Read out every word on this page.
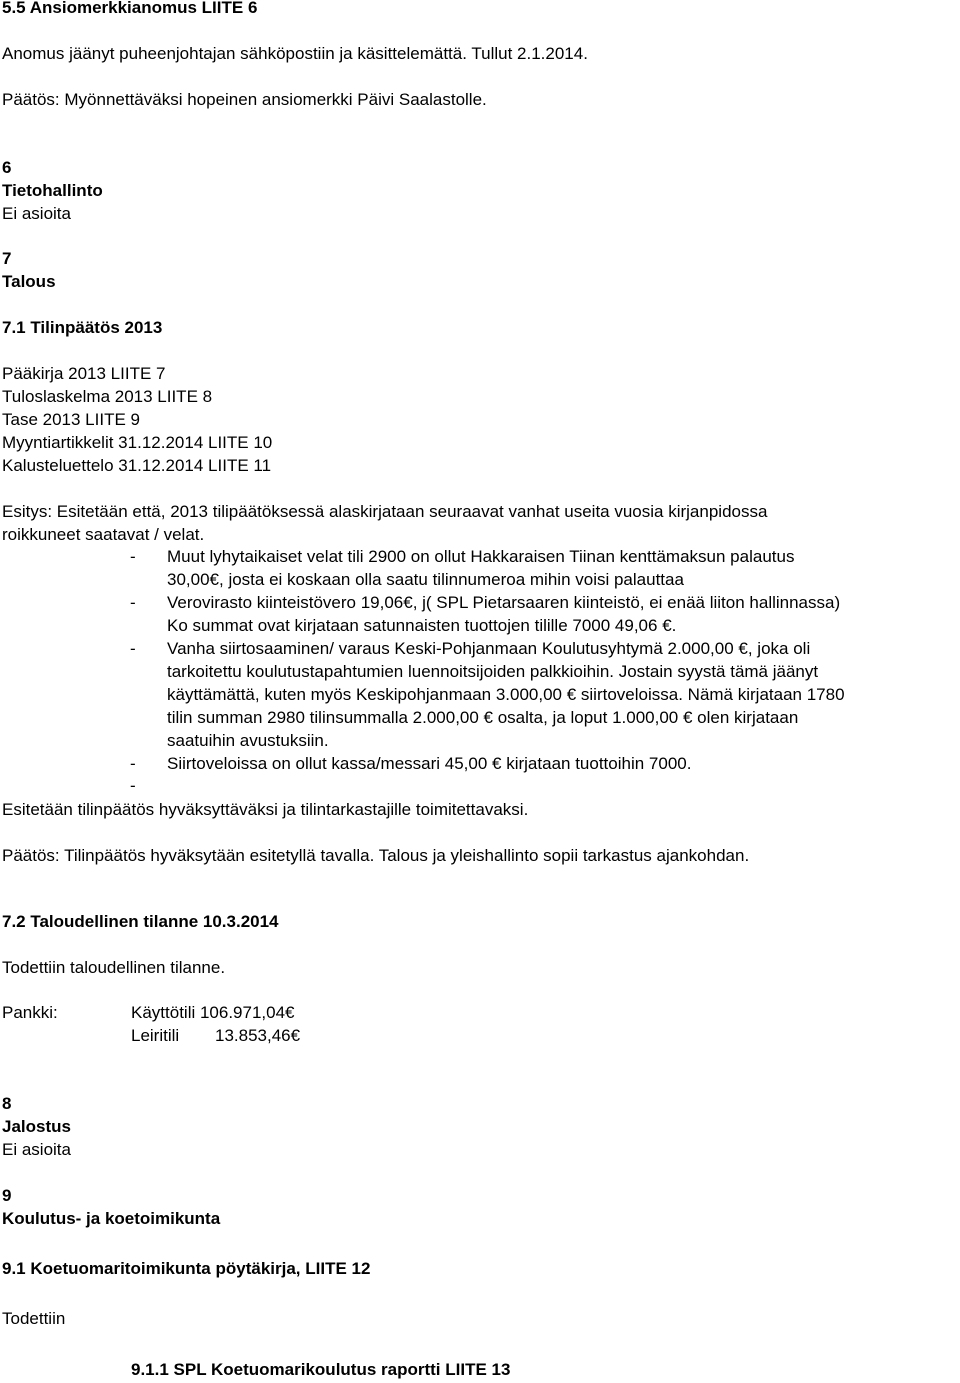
5.5 Ansiomerkkianomus LIITE 6
Anomus jäänyt puheenjohtajan sähköpostiin ja käsittelemättä. Tullut 2.1.2014.
Päätös: Myönnettäväksi hopeinen ansiomerkki Päivi Saalastolle.
6
Tietohallinto
Ei asioita
7
Talous
7.1 Tilinpäätös 2013
Pääkirja 2013 LIITE 7
Tuloslaskelma 2013 LIITE 8
Tase 2013 LIITE 9
Myyntiartikkelit 31.12.2014 LIITE 10
Kalusteluettelo 31.12.2014 LIITE 11
Esitys: Esitetään että, 2013 tilipäätöksessä alaskirjataan seuraavat vanhat useita vuosia kirjanpidossa
roikkuneet saatavat / velat.
- Muut lyhytaikaiset velat tili 2900 on ollut Hakkaraisen Tiinan kenttämaksun palautus
30,00€, josta ei koskaan olla saatu tilinnumeroa mihin voisi palauttaa
- Verovirasto kiinteistövero 19,06€, j( SPL Pietarsaaren kiinteistö, ei enää liiton hallinnassa)
Ko summat ovat kirjataan satunnaisten tuottojen tilille 7000 49,06 €.
- Vanha siirtosaaminen/ varaus Keski-Pohjanmaan Koulutusyhtymä 2.000,00 €, joka oli
tarkoitettu koulutustapahtumien luennoitsijoiden palkkioihin. Jostain syystä tämä jäänyt
käyttämättä, kuten myös Keskipohjanmaan 3.000,00 € siirtoveloissa. Nämä kirjataan 1780
tilin summan 2980 tilinsummalla 2.000,00 € osalta, ja loput 1.000,00 € olen kirjataan
saatuihin avustuksiin.
- Siirtoveloissa on ollut kassa/messari 45,00 € kirjataan tuottoihin 7000.
-
Esitetään tilinpäätös hyväksyttäväksi ja tilintarkastajille toimitettavaksi.
Päätös: Tilinpäätös hyväksytään esitetyllä tavalla. Talous ja yleishallinto sopii tarkastus ajankohdan.
7.2 Taloudellinen tilanne 10.3.2014
Todettiin taloudellinen tilanne.
Pankki:	Käyttötili 106.971,04€
Leiritili 13.853,46€
8
Jalostus
Ei asioita
9
Koulutus- ja koetoimikunta
9.1 Koetuomaritoimikunta pöytäkirja, LIITE 12
Todettiin
9.1.1 SPL Koetuomarikoulutus raportti LIITE 13
